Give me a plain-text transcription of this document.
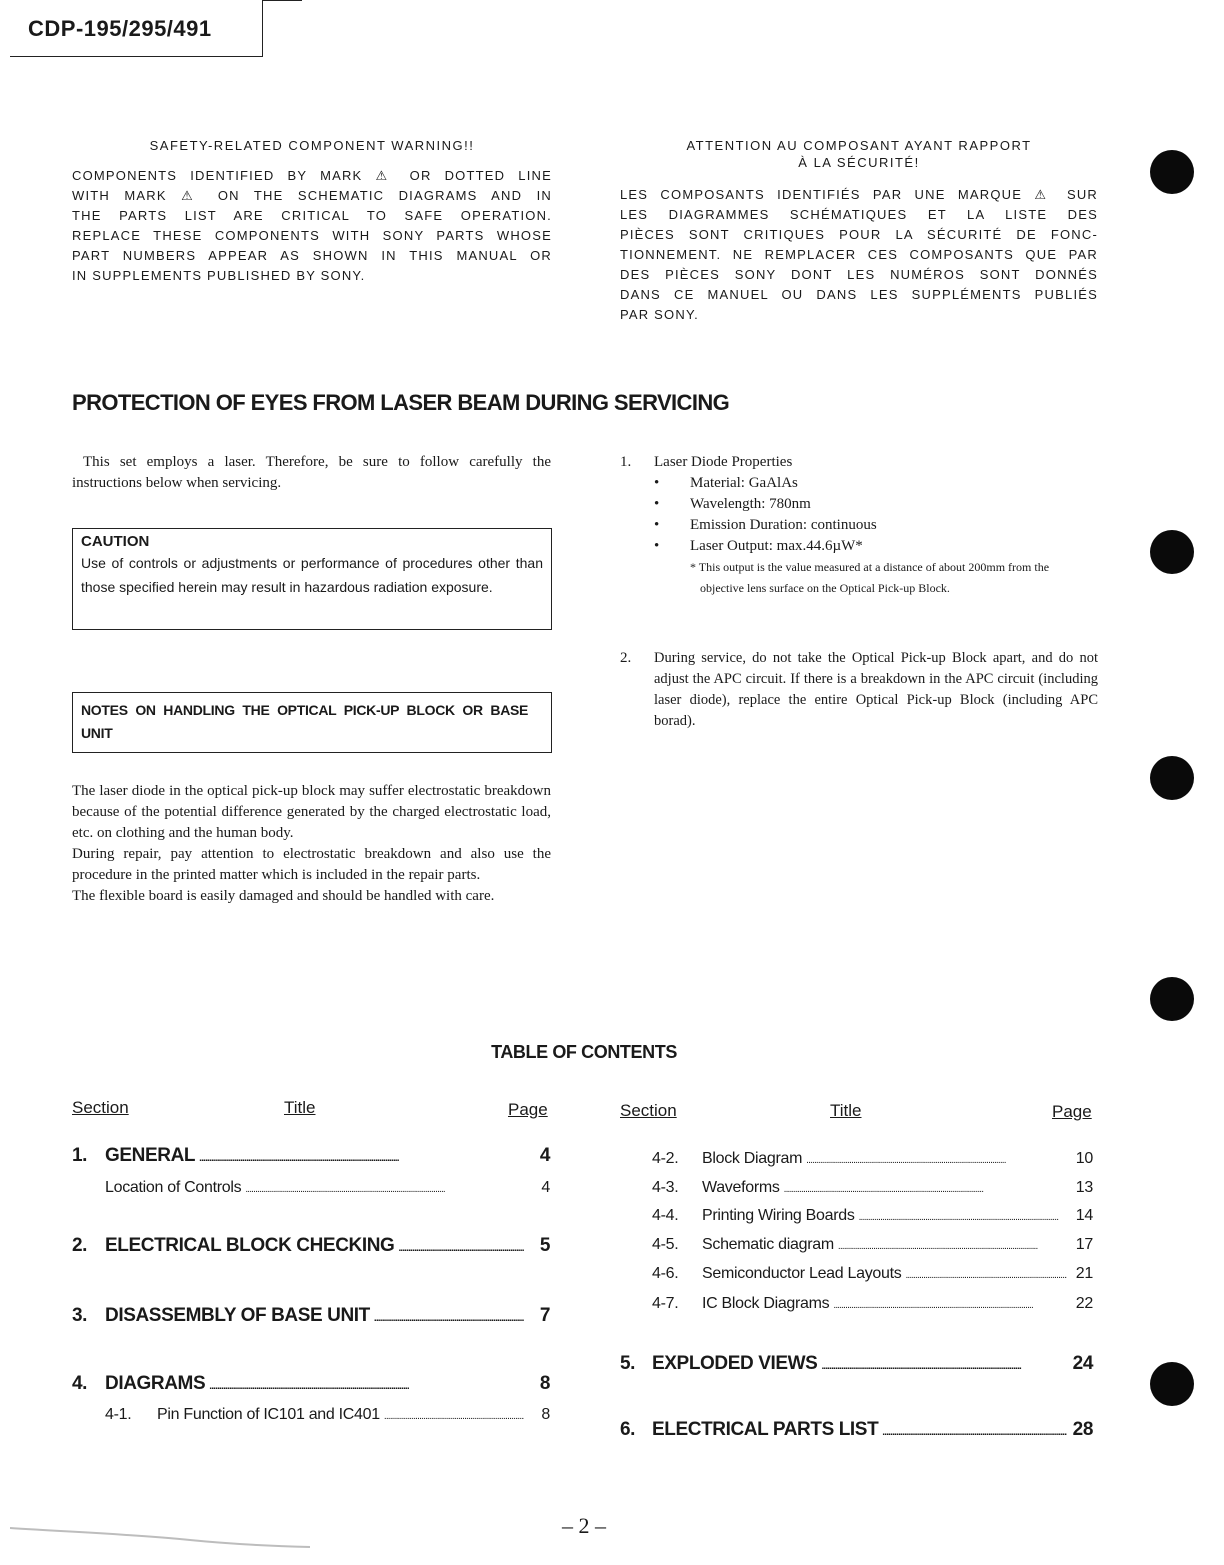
CDP-195/295/491
SAFETY-RELATED COMPONENT WARNING!!
COMPONENTS IDENTIFIED BY MARK ⚠ OR DOTTED LINE
WITH MARK ⚠ ON THE SCHEMATIC DIAGRAMS AND IN
THE PARTS LIST ARE CRITICAL TO SAFE OPERATION.
REPLACE THESE COMPONENTS WITH SONY PARTS WHOSE
PART NUMBERS APPEAR AS SHOWN IN THIS MANUAL OR
IN SUPPLEMENTS PUBLISHED BY SONY.
ATTENTION AU COMPOSANT AYANT RAPPORT
À LA SÉCURITÉ!
LES COMPOSANTS IDENTIFIÉS PAR UNE MARQUE ⚠ SUR
LES DIAGRAMMES SCHÉMATIQUES ET LA LISTE DES
PIÈCES SONT CRITIQUES POUR LA SÉCURITÉ DE FONC-
TIONNEMENT. NE REMPLACER CES COMPOSANTS QUE PAR
DES PIÈCES SONY DONT LES NUMÉROS SONT DONNÉS
DANS CE MANUEL OU DANS LES SUPPLÉMENTS PUBLIÉS
PAR SONY.
PROTECTION OF EYES FROM LASER BEAM DURING SERVICING
This set employs a laser. Therefore, be sure to follow carefully the instructions below when servicing.
CAUTION
Use of controls or adjustments or performance of procedures other than those specified herein may result in hazardous radiation exposure.
NOTES ON HANDLING THE OPTICAL PICK-UP BLOCK OR BASE UNIT
The laser diode in the optical pick-up block may suffer electrostatic breakdown because of the potential difference generated by the charged electrostatic load, etc. on clothing and the human body.
During repair, pay attention to electrostatic breakdown and also use the procedure in the printed matter which is included in the repair parts.
The flexible board is easily damaged and should be handled with care.
1.	Laser Diode Properties
•	Material: GaAlAs
•	Wavelength: 780nm
•	Emission Duration: continuous
•	Laser Output: max.44.6µW*
* This output is the value measured at a distance of about 200mm from the objective lens surface on the Optical Pick-up Block.
2.	During service, do not take the Optical Pick-up Block apart, and do not adjust the APC circuit. If there is a breakdown in the APC circuit (including laser diode), replace the entire Optical Pick-up Block (including APC borad).
TABLE OF CONTENTS
Section	Title	Page	Section	Title	Page
1. GENERAL . . .	4
Location of Controls . . .	4
2. ELECTRICAL BLOCK CHECKING . . .	5
3. DISASSEMBLY OF BASE UNIT . . .	7
4. DIAGRAMS . . .	8
4-1.	Pin Function of IC101 and IC401 . . .	8
4-2.	Block Diagram . . .	10
4-3.	Waveforms . . .	13
4-4.	Printing Wiring Boards . . .	14
4-5.	Schematic diagram . . .	17
4-6.	Semiconductor Lead Layouts . . .	21
4-7.	IC Block Diagrams . . .	22
5. EXPLODED VIEWS . . .	24
6. ELECTRICAL PARTS LIST . . .	28
– 2 –
